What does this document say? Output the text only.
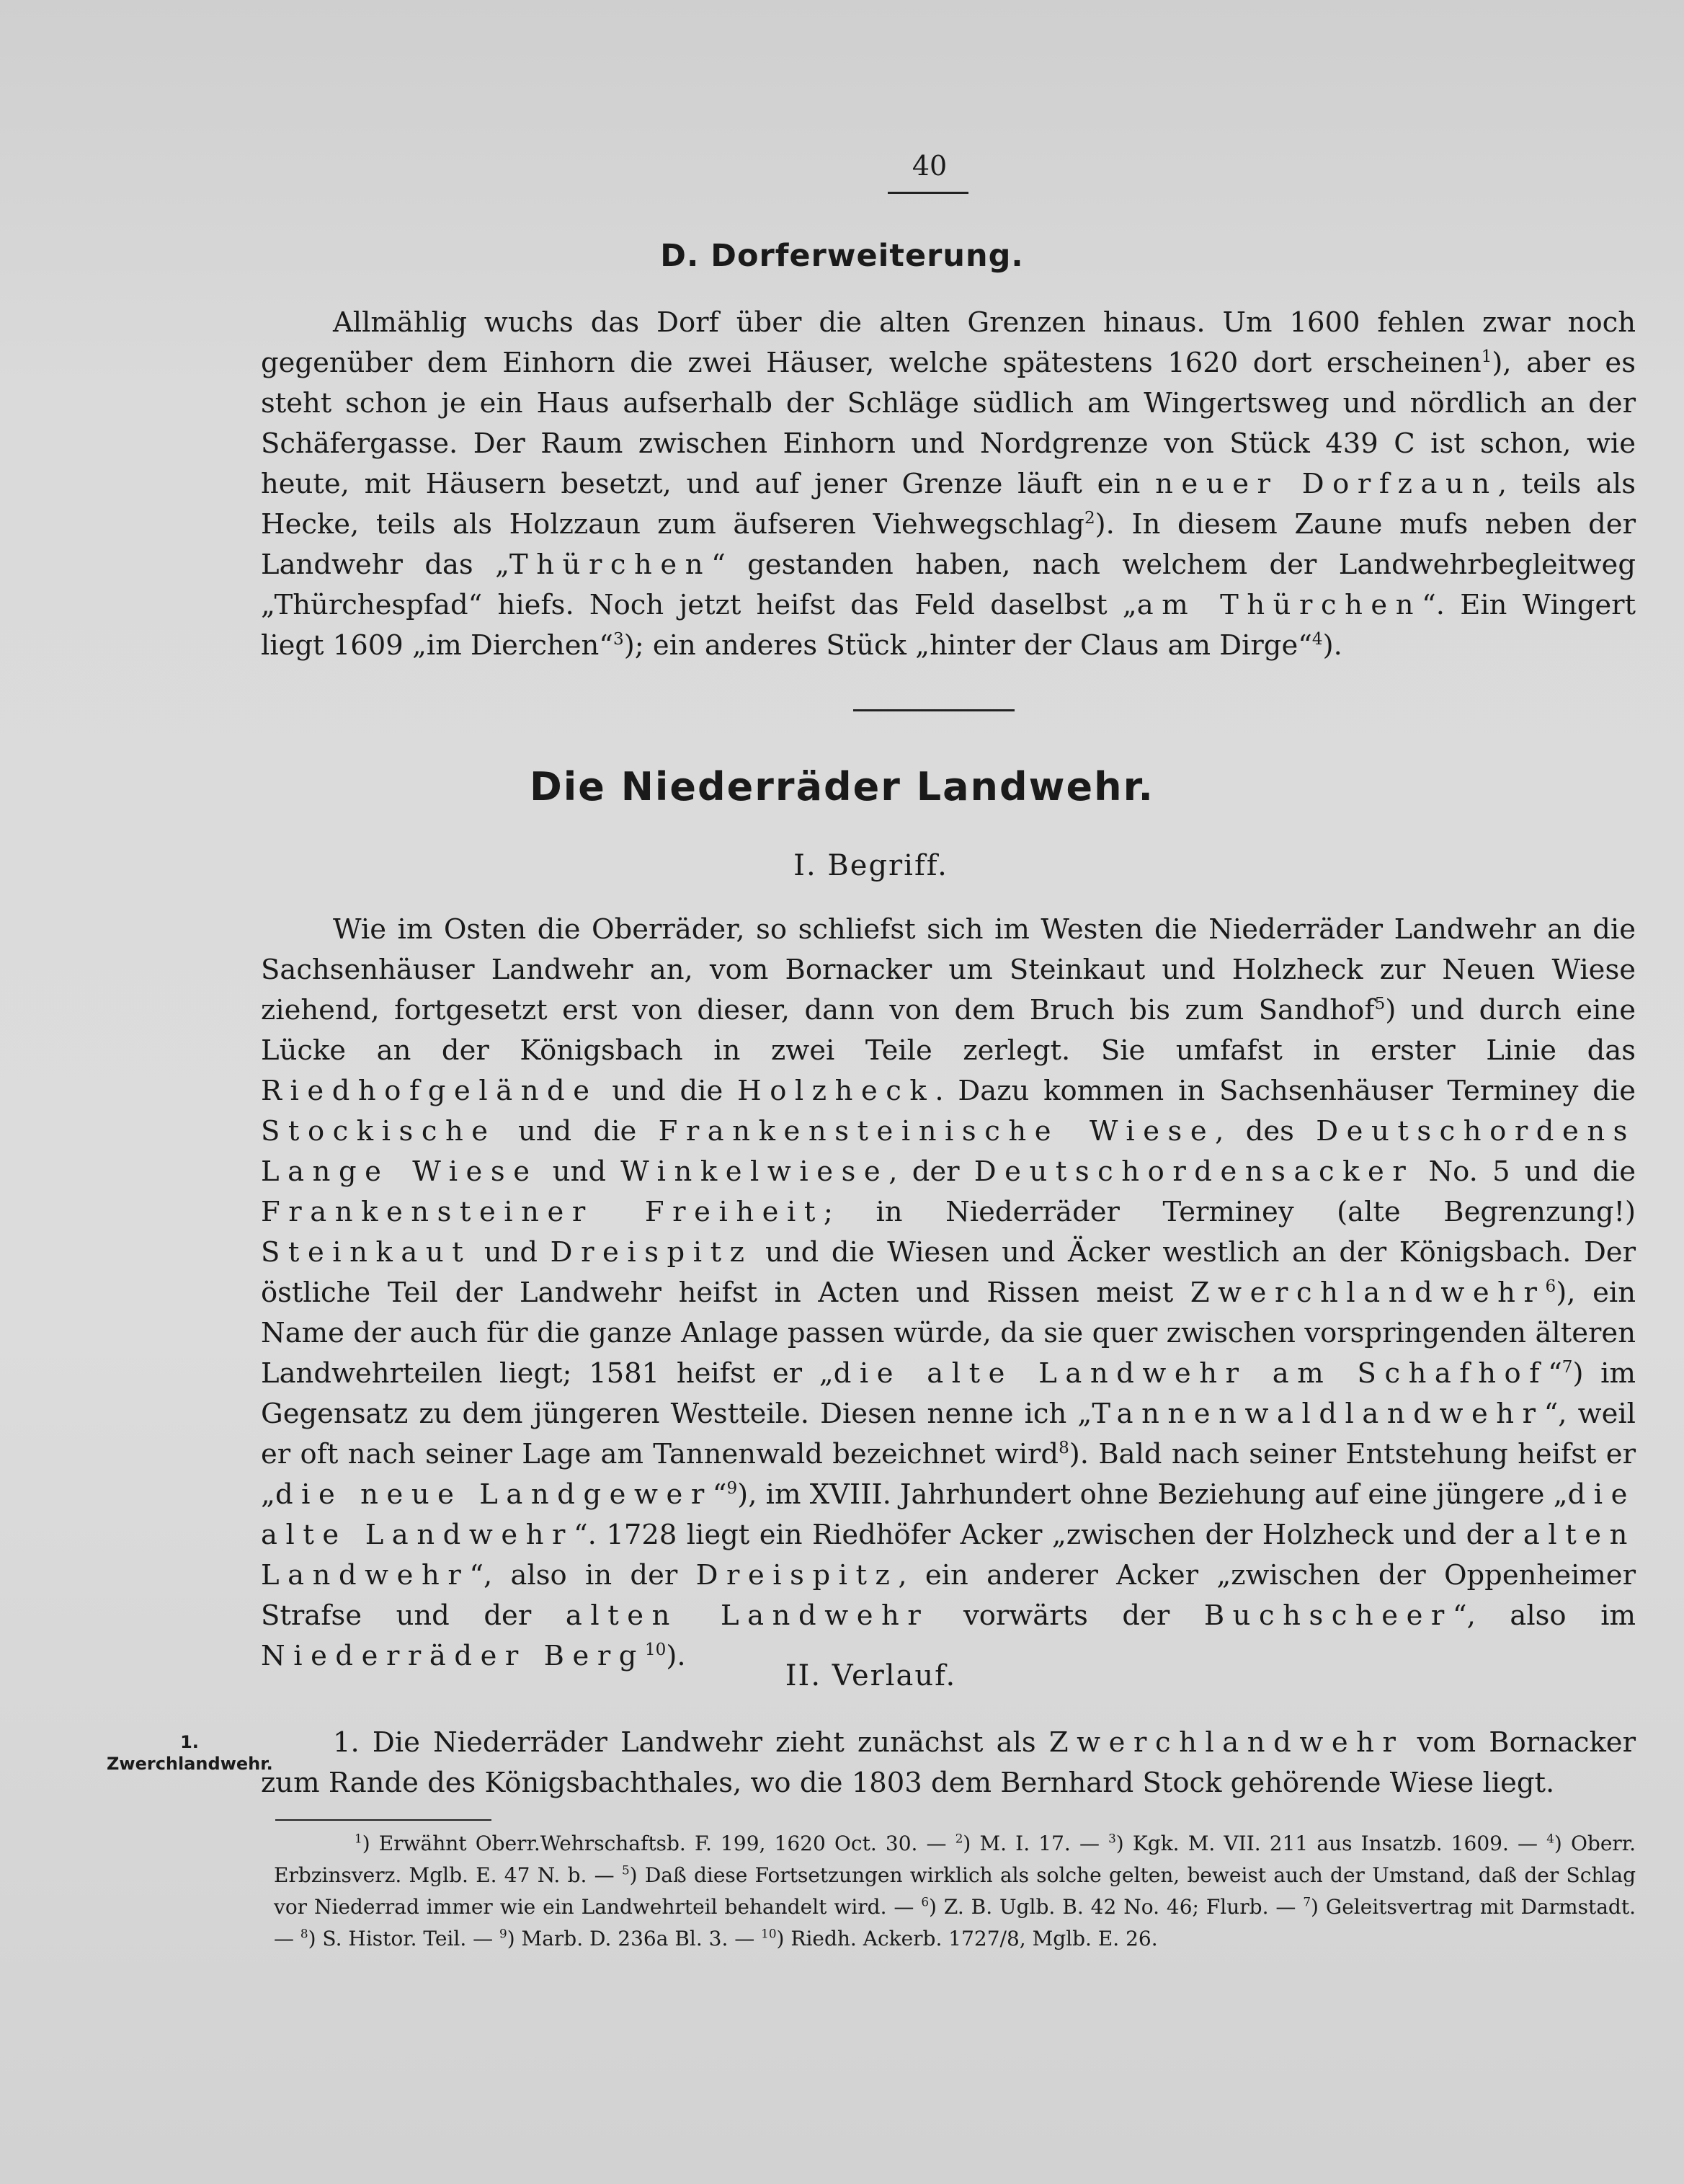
40
D. Dorferweiterung.

Allmählig wuchs das Dorf über die alten Grenzen hinaus. Um 1600 fehlen zwar noch gegenüber dem Einhorn die zwei Häuser, welche spätestens 1620 dort erscheinen$^1$), aber es steht schon je ein Haus aufserhalb der Schläge südlich am Wingertsweg und nördlich an der Schäfergasse. Der Raum zwischen Einhorn und Nordgrenze von Stück 439 C ist schon, wie heute, mit Häusern besetzt, und auf jener Grenze läuft ein neuer Dorfzaun, teils als Hecke, teils als Holzzaun zum äufseren Viehwegschlag$^2$). In diesem Zaune mufs neben der Landwehr das „Thürchen“ gestanden haben, nach welchem der Landwehrbegleitweg „Thürchespfad“ hiefs. Noch jetzt heifst das Feld daselbst „am Thürchen“. Ein Wingert liegt 1609 „im Dierchen“$^3$); ein anderes Stück „hinter der Claus am Dirge“$^4$).

Die Niederräder Landwehr.
I. Begriff.

Wie im Osten die Oberräder, so schliefst sich im Westen die Niederräder Landwehr an die Sachsenhäuser Landwehr an, vom Bornacker um Steinkaut und Holzheck zur Neuen Wiese ziehend, fortgesetzt erst von dieser, dann von dem Bruch bis zum Sandhof$^5$) und durch eine Lücke an der Königsbach in zwei Teile zerlegt. Sie umfafst in erster Linie das Riedhofgelände und die Holzheck. Dazu kommen in Sachsenhäuser Terminey die Stockische und die Frankensteinische Wiese, des Deutschordens Lange Wiese und Winkelwiese, der Deutschordensacker No. 5 und die Frankensteiner Freiheit; in Niederräder Terminey (alte Begrenzung!) Steinkaut und Dreispitz und die Wiesen und Äcker westlich an der Königsbach. Der östliche Teil der Landwehr heifst in Acten und Rissen meist Zwerchlandwehr$^6$), ein Name der auch für die ganze Anlage passen würde, da sie quer zwischen vorspringenden älteren Landwehrteilen liegt; 1581 heifst er „die alte Landwehr am Schafhof“$^7$) im Gegensatz zu dem jüngeren Westteile. Diesen nenne ich „Tannenwaldlandwehr“, weil er oft nach seiner Lage am Tannenwald bezeichnet wird$^8$). Bald nach seiner Entstehung heifst er „die neue Landgewer“$^9$), im XVIII. Jahrhundert ohne Beziehung auf eine jüngere „die alte Landwehr“. 1728 liegt ein Riedhöfer Acker „zwischen der Holzheck und der alten Landwehr“, also in der Dreispitz, ein anderer Acker „zwischen der Oppenheimer Strafse und der alten Landwehr vorwärts der Buchscheer“, also im Niederräder Berg$^{10}$).

II. Verlauf.
1. Zwerchlandwehr.

1. Die Niederräder Landwehr zieht zunächst als Zwerchlandwehr vom Bornacker zum Rande des Königsbachthales, wo die 1803 dem Bernhard Stock gehörende Wiese liegt.

$^1$) Erwähnt Oberr.Wehrschaftsb. F. 199, 1620 Oct. 30. — $^2$) M. I. 17. — $^3$) Kgk. M. VII. 211 aus Insatzb. 1609. — $^4$) Oberr. Erbzinsverz. Mglb. E. 47 N. b. — $^5$) Daß diese Fortsetzungen wirklich als solche gelten, beweist auch der Umstand, daß der Schlag vor Niederrad immer wie ein Landwehrteil behandelt wird. — $^6$) Z. B. Uglb. B. 42 No. 46; Flurb. — $^7$) Geleitsvertrag mit Darmstadt. — $^8$) S. Histor. Teil. — $^9$) Marb. D. 236a Bl. 3. — $^{10}$) Riedh. Ackerb. 1727/8, Mglb. E. 26.
